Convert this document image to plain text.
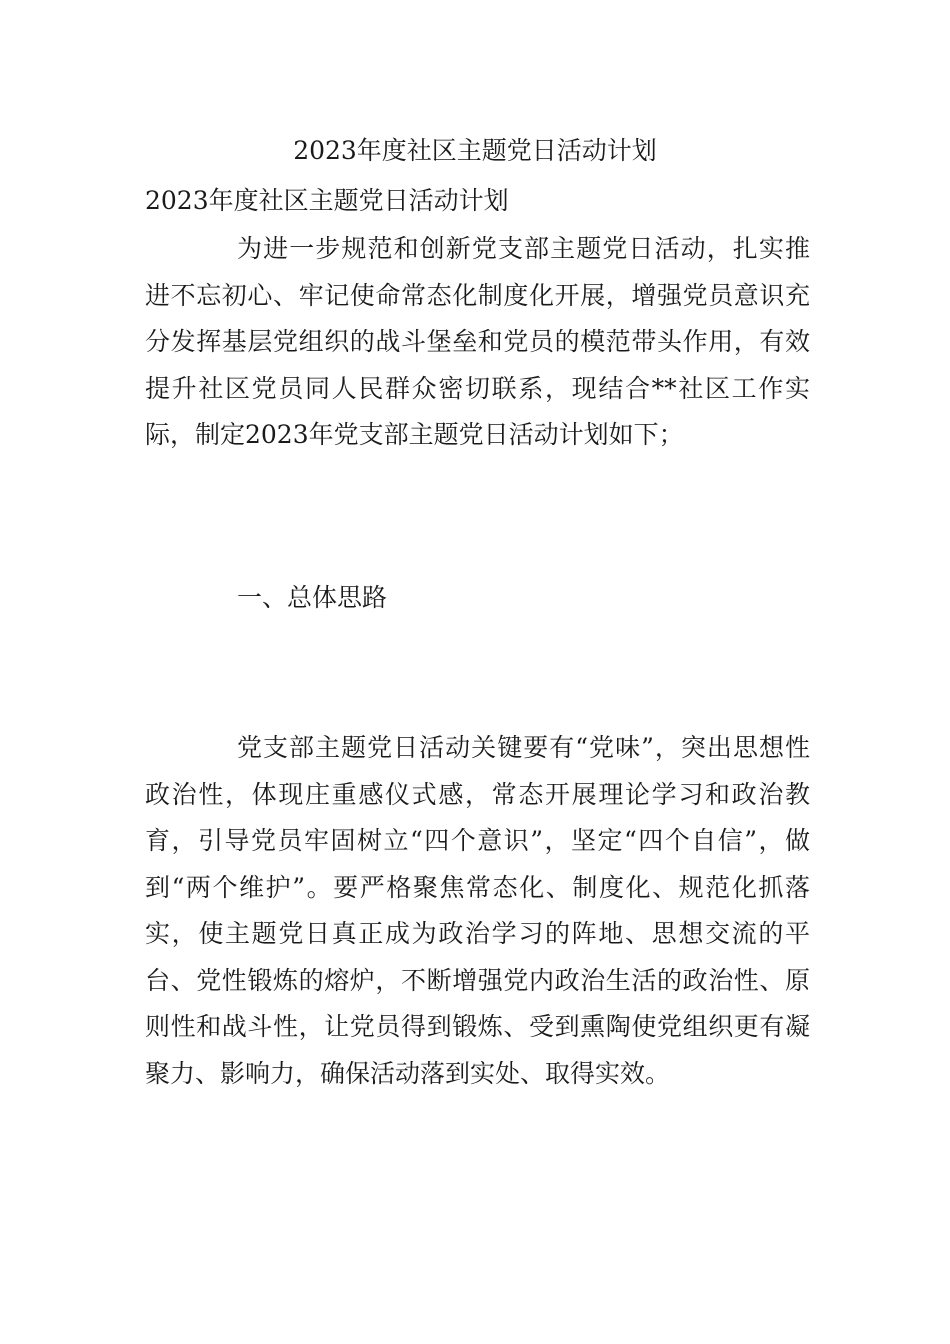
2023年度社区主题党日活动计划

2023年度社区主题党日活动计划

为进一步规范和创新党支部主题党日活动，扎实推进不忘初心、牢记使命常态化制度化开展，增强党员意识充分发挥基层党组织的战斗堡垒和党员的模范带头作用，有效提升社区党员同人民群众密切联系，现结合**社区工作实际，制定2023年党支部主题党日活动计划如下；

一、总体思路

党支部主题党日活动关键要有“党味”，突出思想性政治性，体现庄重感仪式感，常态开展理论学习和政治教育，引导党员牢固树立“四个意识”，坚定“四个自信”，做到“两个维护”。要严格聚焦常态化、制度化、规范化抓落实，使主题党日真正成为政治学习的阵地、思想交流的平台、党性锻炼的熔炉，不断增强党内政治生活的政治性、原则性和战斗性，让党员得到锻炼、受到熏陶使党组织更有凝聚力、影响力，确保活动落到实处、取得实效。
